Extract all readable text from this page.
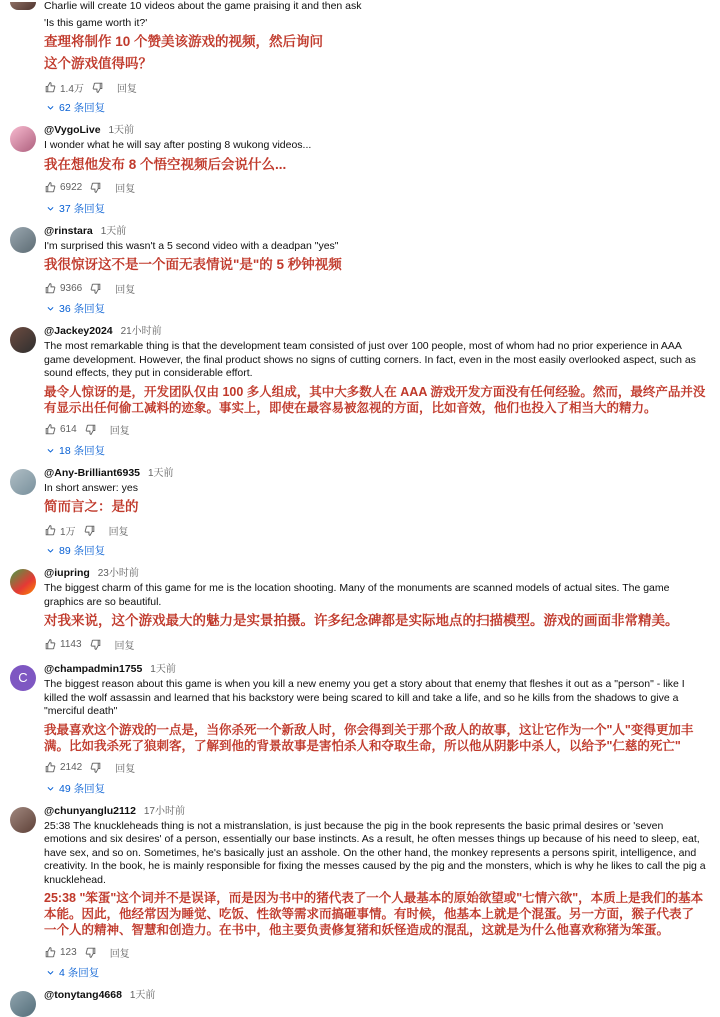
Charlie will create 10 videos about the game praising it and then ask

'Is this game worth it?'

查理将制作 10 个赞美该游戏的视频，然后询问

这个游戏值得吗？

1.4万	回复
62 条回复
@VygoLive 1天前

I wonder what he will say after posting 8 wukong videos...

我在想他发布 8 个悟空视频后会说什么...

6922	回复
37 条回复
@rinstara 1天前

I'm surprised this wasn't a 5 second video with a deadpan "yes"

我很惊讶这不是一个面无表情说"是"的 5 秒钟视频

9366	回复
36 条回复
@Jackey2024 21小时前

The most remarkable thing is that the development team consisted of just over 100 people, most of whom had no prior experience in AAA game development. However, the final product shows no signs of cutting corners. In fact, even in the most easily overlooked aspect, such as sound effects, they put in considerable effort.

最令人惊讶的是，开发团队仅由 100 多人组成，其中大多数人在 AAA 游戏开发方面没有任何经验。然而，最终产品并没有显示出任何偷工减料的迹象。事实上，即使在最容易被忽视的方面，比如音效，他们也投入了相当大的精力。

614	回复
18 条回复
@Any-Brilliant6935 1天前

In short answer: yes

简而言之：是的

1万	回复
89 条回复
@iupring 23小时前

The biggest charm of this game for me is the location shooting. Many of the monuments are scanned models of actual sites. The game graphics are so beautiful.

对我来说，这个游戏最大的魅力是实景拍摄。许多纪念碑都是实际地点的扫描模型。游戏的画面非常精美。

1143	回复
C
@champadmin1755 1天前

The biggest reason about this game is when you kill a new enemy you get a story about that enemy that fleshes it out as a "person" - like I killed the wolf assassin and learned that his backstory were being scared to kill and take a life, and so he kills from the shadows to give a "merciful death"

我最喜欢这个游戏的一点是，当你杀死一个新敌人时，你会得到关于那个敌人的故事，这让它作为一个"人"变得更加丰满。比如我杀死了狼刺客，了解到他的背景故事是害怕杀人和夺取生命，所以他从阴影中杀人，以给予"仁慈的死亡"

2142	回复
49 条回复
@chunyanglu2112 17小时前

25:38 The knuckleheads thing is not a mistranslation, is just because the pig in the book represents the basic primal desires or 'seven emotions and six desires' of a person, essentially our base instincts. As a result, he often messes things up because of his need to sleep, eat, have sex, and so on. Sometimes, he's basically just an asshole. On the other hand, the monkey represents a persons spirit, intelligence, and creativity. In the book, he is mainly responsible for fixing the messes caused by the pig and the monsters, which is why he likes to call the pig a knucklehead.

25:38 "笨蛋"这个词并不是误译，而是因为书中的猪代表了一个人最基本的原始欲望或"七情六欲"，本质上是我们的基本本能。因此，他经常因为睡觉、吃饭、性欲等需求而搞砸事情。有时候，他基本上就是个混蛋。另一方面，猴子代表了一个人的精神、智慧和创造力。在书中，他主要负责修复猪和妖怪造成的混乱，这就是为什么他喜欢称猪为笨蛋。

123	回复
4 条回复
@tonytang4668 1天前
